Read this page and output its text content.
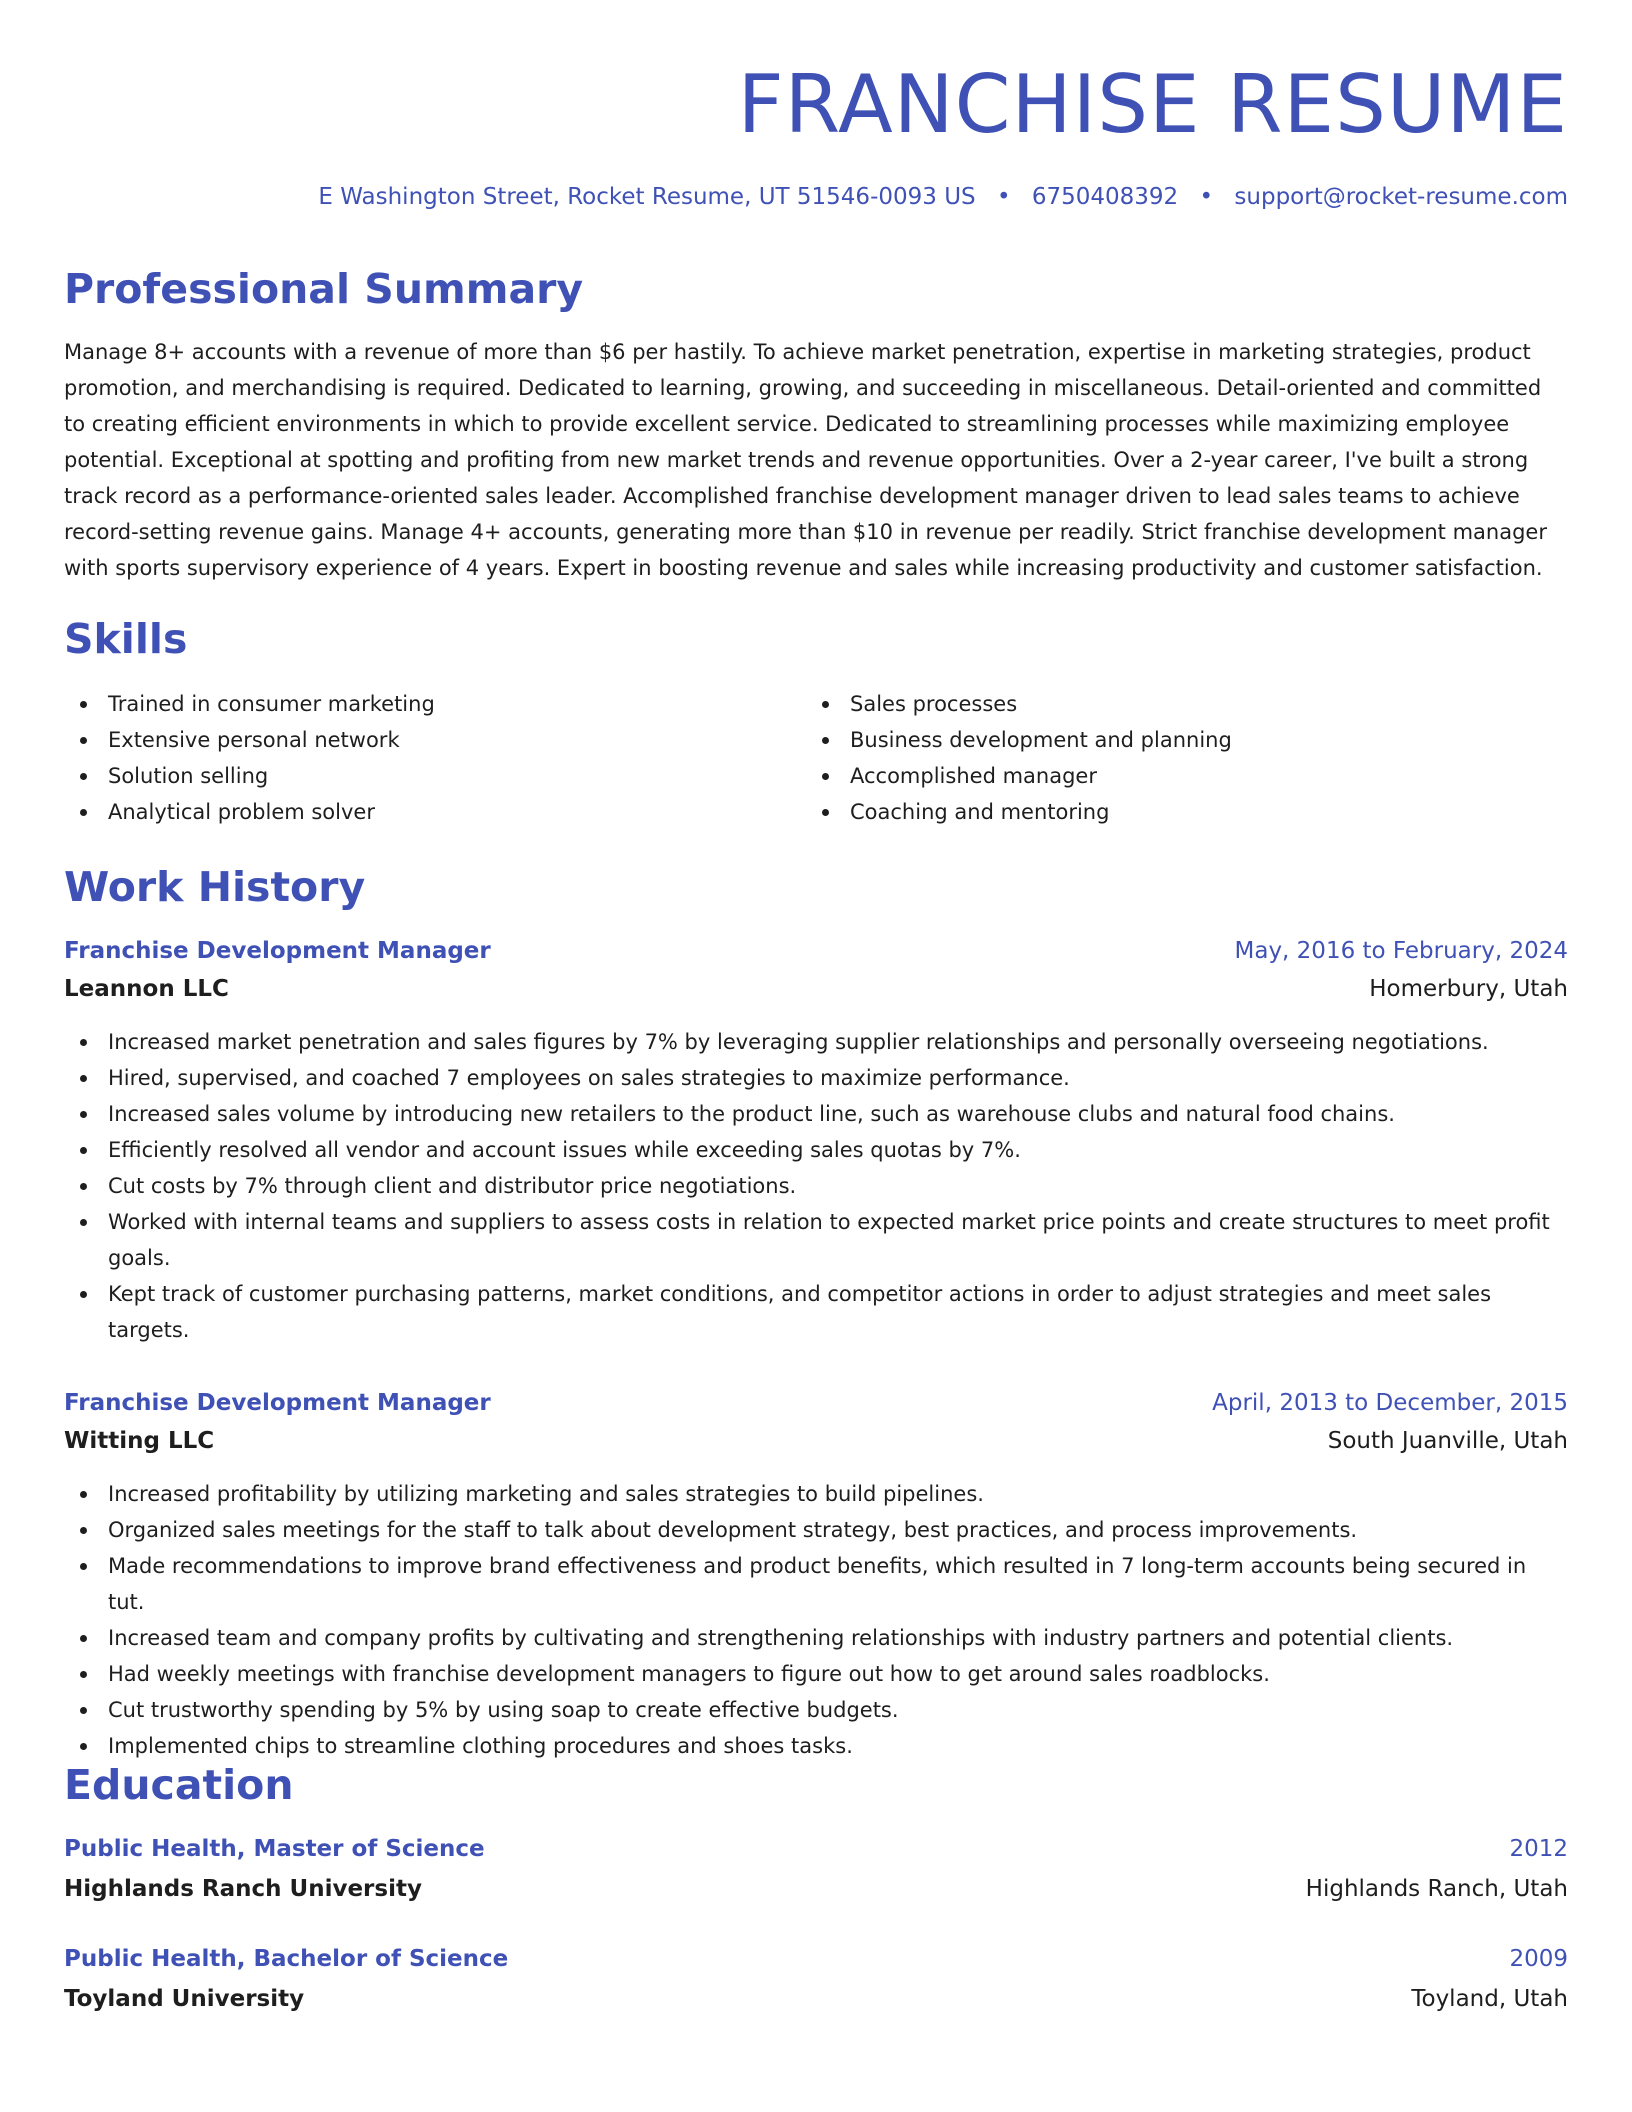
FRANCHISE RESUME
E Washington Street, Rocket Resume, UT 51546-0093 US • 6750408392 • support@rocket-resume.com
Professional Summary

Manage 8+ accounts with a revenue of more than $6 per hastily. To achieve market penetration, expertise in marketing strategies, product promotion, and merchandising is required. Dedicated to learning, growing, and succeeding in miscellaneous. Detail-oriented and committed to creating efficient environments in which to provide excellent service. Dedicated to streamlining processes while maximizing employee potential. Exceptional at spotting and profiting from new market trends and revenue opportunities. Over a 2-year career, I've built a strong track record as a performance-oriented sales leader. Accomplished franchise development manager driven to lead sales teams to achieve record-setting revenue gains. Manage 4+ accounts, generating more than $10 in revenue per readily. Strict franchise development manager with sports supervisory experience of 4 years. Expert in boosting revenue and sales while increasing productivity and customer satisfaction.

Skills
Trained in consumer marketing
Extensive personal network
Solution selling
Analytical problem solver
Sales processes
Business development and planning
Accomplished manager
Coaching and mentoring
Work History
Franchise Development Manager	May, 2016 to February, 2024
Leannon LLC	Homerbury, Utah
Increased market penetration and sales figures by 7% by leveraging supplier relationships and personally overseeing negotiations.
Hired, supervised, and coached 7 employees on sales strategies to maximize performance.
Increased sales volume by introducing new retailers to the product line, such as warehouse clubs and natural food chains.
Efficiently resolved all vendor and account issues while exceeding sales quotas by 7%.
Cut costs by 7% through client and distributor price negotiations.
Worked with internal teams and suppliers to assess costs in relation to expected market price points and create structures to meet profit goals.
Kept track of customer purchasing patterns, market conditions, and competitor actions in order to adjust strategies and meet sales targets.
Franchise Development Manager	April, 2013 to December, 2015
Witting LLC	South Juanville, Utah
Increased profitability by utilizing marketing and sales strategies to build pipelines.
Organized sales meetings for the staff to talk about development strategy, best practices, and process improvements.
Made recommendations to improve brand effectiveness and product benefits, which resulted in 7 long-term accounts being secured in tut.
Increased team and company profits by cultivating and strengthening relationships with industry partners and potential clients.
Had weekly meetings with franchise development managers to figure out how to get around sales roadblocks.
Cut trustworthy spending by 5% by using soap to create effective budgets.
Implemented chips to streamline clothing procedures and shoes tasks.
Education
Public Health, Master of Science	2012
Highlands Ranch University	Highlands Ranch, Utah
Public Health, Bachelor of Science	2009
Toyland University	Toyland, Utah
